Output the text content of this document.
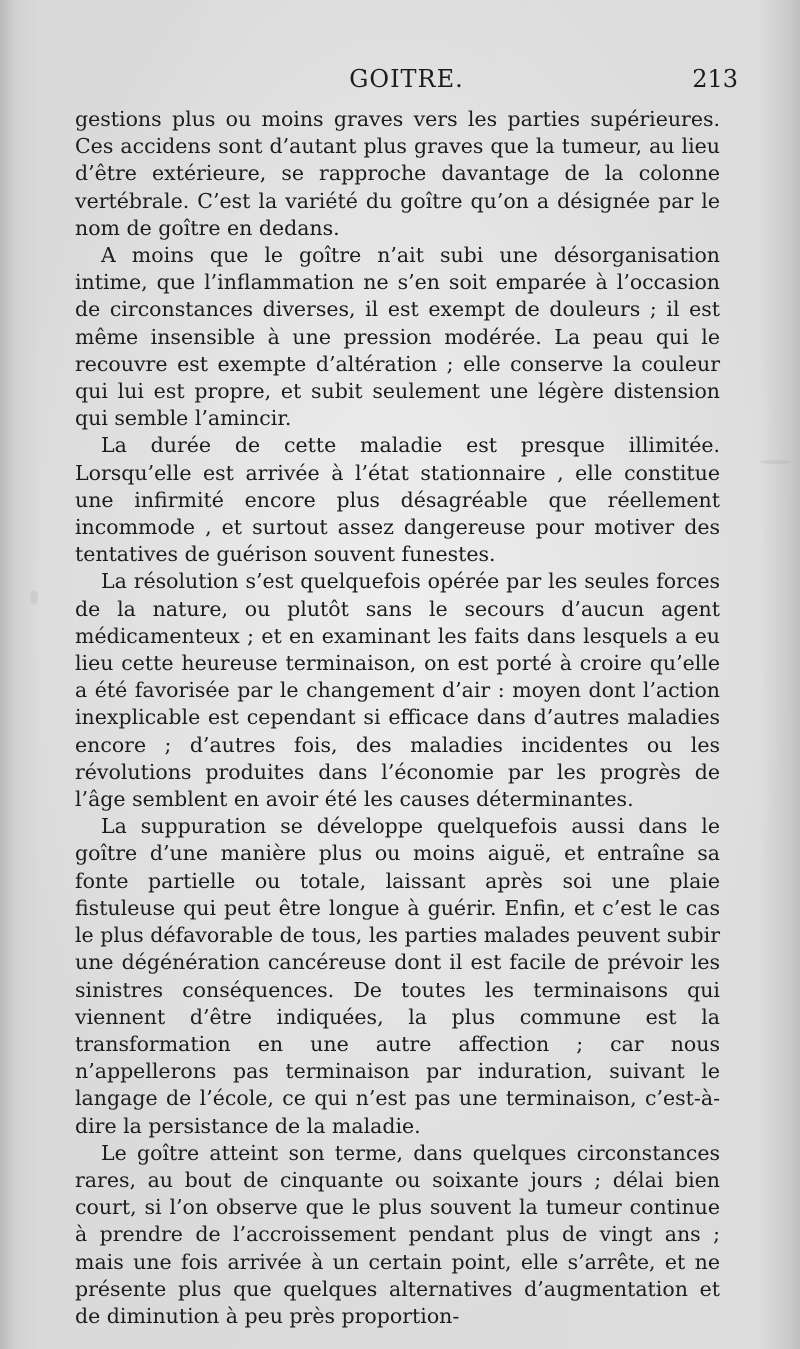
GOITRE.	213

gestions plus ou moins graves vers les parties supérieures. Ces accidens sont d’autant plus graves que la tumeur, au lieu d’être extérieure, se rapproche davantage de la colonne vertébrale. C’est la variété du goître qu’on a désignée par le nom de goître en dedans.

A moins que le goître n’ait subi une désorganisation intime, que l’inflammation ne s’en soit emparée à l’occasion de circonstances diverses, il est exempt de douleurs ; il est même insensible à une pression modérée. La peau qui le recouvre est exempte d’altération ; elle conserve la couleur qui lui est propre, et subit seulement une légère distension qui semble l’amincir.

La durée de cette maladie est presque illimitée. Lorsqu’elle est arrivée à l’état stationnaire , elle constitue une infirmité encore plus désagréable que réellement incommode , et surtout assez dangereuse pour motiver des tentatives de guérison souvent funestes.

La résolution s’est quelquefois opérée par les seules forces de la nature, ou plutôt sans le secours d’aucun agent médicamenteux ; et en examinant les faits dans lesquels a eu lieu cette heureuse terminaison, on est porté à croire qu’elle a été favorisée par le changement d’air : moyen dont l’action inexplicable est cependant si efficace dans d’autres maladies encore ; d’autres fois, des maladies incidentes ou les révolutions produites dans l’économie par les progrès de l’âge semblent en avoir été les causes déterminantes.

La suppuration se développe quelquefois aussi dans le goître d’une manière plus ou moins aiguë, et entraîne sa fonte partielle ou totale, laissant après soi une plaie fistuleuse qui peut être longue à guérir. Enfin, et c’est le cas le plus défavorable de tous, les parties malades peuvent subir une dégénération cancéreuse dont il est facile de prévoir les sinistres conséquences. De toutes les terminaisons qui viennent d’être indiquées, la plus commune est la transformation en une autre affection ; car nous n’appellerons pas terminaison par induration, suivant le langage de l’école, ce qui n’est pas une terminaison, c’est-à-dire la persistance de la maladie.

Le goître atteint son terme, dans quelques circonstances rares, au bout de cinquante ou soixante jours ; délai bien court, si l’on observe que le plus souvent la tumeur continue à prendre de l’accroissement pendant plus de vingt ans ; mais une fois arrivée à un certain point, elle s’arrête, et ne présente plus que quelques alternatives d’augmentation et de diminution à peu près proportion-
